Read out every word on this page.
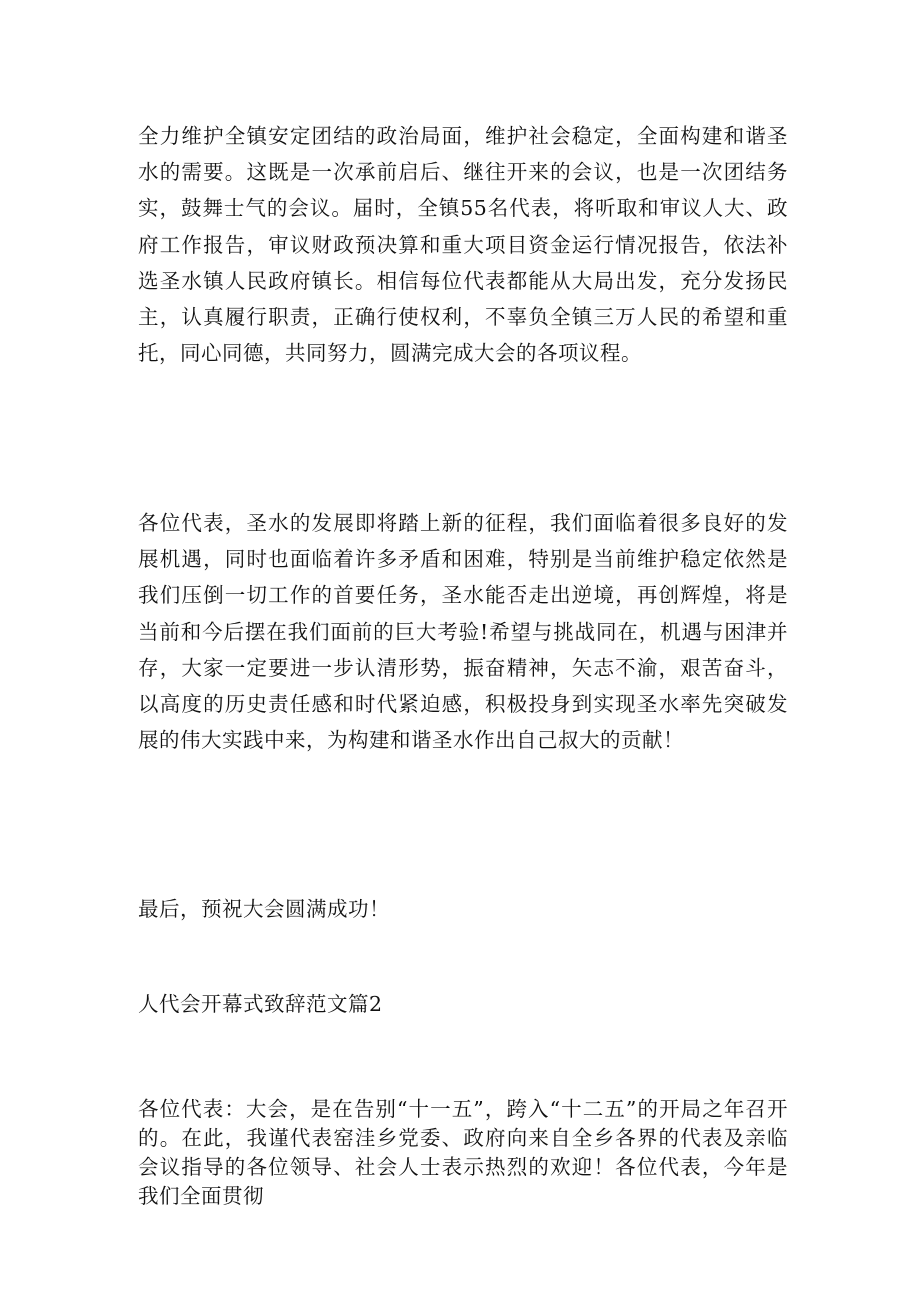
全力维护全镇安定团结的政治局面，维护社会稳定，全面构建和谐圣水的需要。这既是一次承前启后、继往开来的会议，也是一次团结务实，鼓舞士气的会议。届时，全镇55名代表，将听取和审议人大、政府工作报告，审议财政预决算和重大项目资金运行情况报告，依法补选圣水镇人民政府镇长。相信每位代表都能从大局出发，充分发扬民主，认真履行职责，正确行使权利，不辜负全镇三万人民的希望和重托，同心同德，共同努力，圆满完成大会的各项议程。

各位代表，圣水的发展即将踏上新的征程，我们面临着很多良好的发展机遇，同时也面临着许多矛盾和困难，特别是当前维护稳定依然是我们压倒一切工作的首要任务，圣水能否走出逆境，再创辉煌，将是当前和今后摆在我们面前的巨大考验!希望与挑战同在，机遇与困津并存，大家一定要进一步认清形势，振奋精神，矢志不渝，艰苦奋斗，以高度的历史责任感和时代紧迫感，积极投身到实现圣水率先突破发展的伟大实践中来，为构建和谐圣水作出自己叔大的贡献！

最后，预祝大会圆满成功！

人代会开幕式致辞范文篇2

各位代表：大会，是在告别“十一五”，跨入“十二五”的开局之年召开的。在此，我谨代表窑洼乡党委、政府向来自全乡各界的代表及亲临会议指导的各位领导、社会人士表示热烈的欢迎！各位代表，今年是我们全面贯彻
